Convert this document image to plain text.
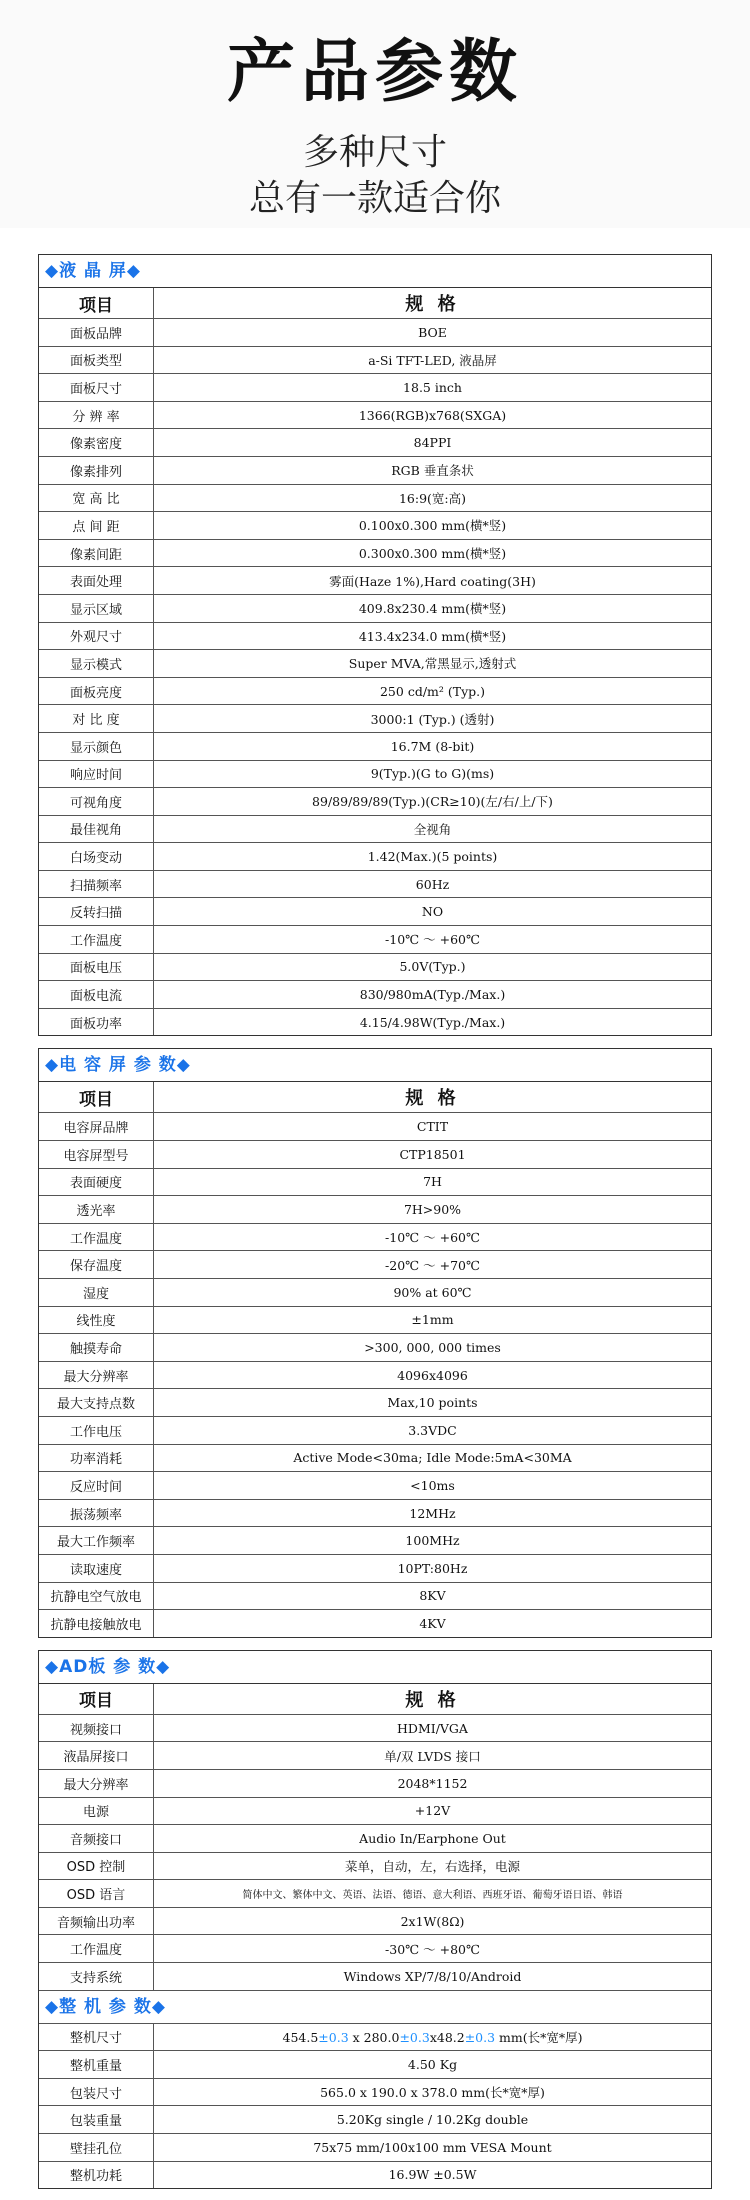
产品参数
多种尺寸
总有一款适合你
◆液 晶 屏◆
项目	规 格
面板品牌	BOE
面板类型	a-Si TFT-LED, 液晶屏
面板尺寸	18.5 inch
分 辨 率	1366(RGB)x768(SXGA)
像素密度	84PPI
像素排列	RGB 垂直条状
宽 高 比	16:9(宽:高)
点 间 距	0.100x0.300 mm(横*竖)
像素间距	0.300x0.300 mm(横*竖)
表面处理	雾面(Haze 1%),Hard coating(3H)
显示区域	409.8x230.4 mm(横*竖)
外观尺寸	413.4x234.0 mm(横*竖)
显示模式	Super MVA,常黑显示,透射式
面板亮度	250 cd/m² (Typ.)
对 比 度	3000:1 (Typ.) (透射)
显示颜色	16.7M (8-bit)
响应时间	9(Typ.)(G to G)(ms)
可视角度	89/89/89/89(Typ.)(CR≥10)(左/右/上/下)
最佳视角	全视角
白场变动	1.42(Max.)(5 points)
扫描频率	60Hz
反转扫描	NO
工作温度	-10℃ ～ +60℃
面板电压	5.0V(Typ.)
面板电流	830/980mA(Typ./Max.)
面板功率	4.15/4.98W(Typ./Max.)
◆电 容 屏 参 数◆
项目	规 格
电容屏品牌	CTIT
电容屏型号	CTP18501
表面硬度	7H
透光率	7H>90%
工作温度	-10℃ ～ +60℃
保存温度	-20℃ ～ +70℃
湿度	90% at 60℃
线性度	±1mm
触摸寿命	>300, 000, 000 times
最大分辨率	4096x4096
最大支持点数	Max,10 points
工作电压	3.3VDC
功率消耗	Active Mode<30ma; Idle Mode:5mA<30MA
反应时间	<10ms
振荡频率	12MHz
最大工作频率	100MHz
读取速度	10PT:80Hz
抗静电空气放电	8KV
抗静电接触放电	4KV
◆AD板 参 数◆
项目	规 格
视频接口	HDMI/VGA
液晶屏接口	单/双 LVDS 接口
最大分辨率	2048*1152
电源	+12V
音频接口	Audio In/Earphone Out
OSD 控制	菜单，自动，左，右选择，电源
OSD 语言	简体中文、繁体中文、英语、法语、德语、意大利语、西班牙语、葡萄牙语日语、韩语
音频输出功率	2x1W(8Ω)
工作温度	-30℃ ～ +80℃
支持系统	Windows XP/7/8/10/Android
◆整 机 参 数◆
整机尺寸	454.5±0.3 x 280.0±0.3x48.2±0.3 mm(长*宽*厚)
整机重量	4.50 Kg
包装尺寸	565.0 x 190.0 x 378.0 mm(长*宽*厚)
包装重量	5.20Kg single / 10.2Kg double
壁挂孔位	75x75 mm/100x100 mm VESA Mount
整机功耗	16.9W ±0.5W
